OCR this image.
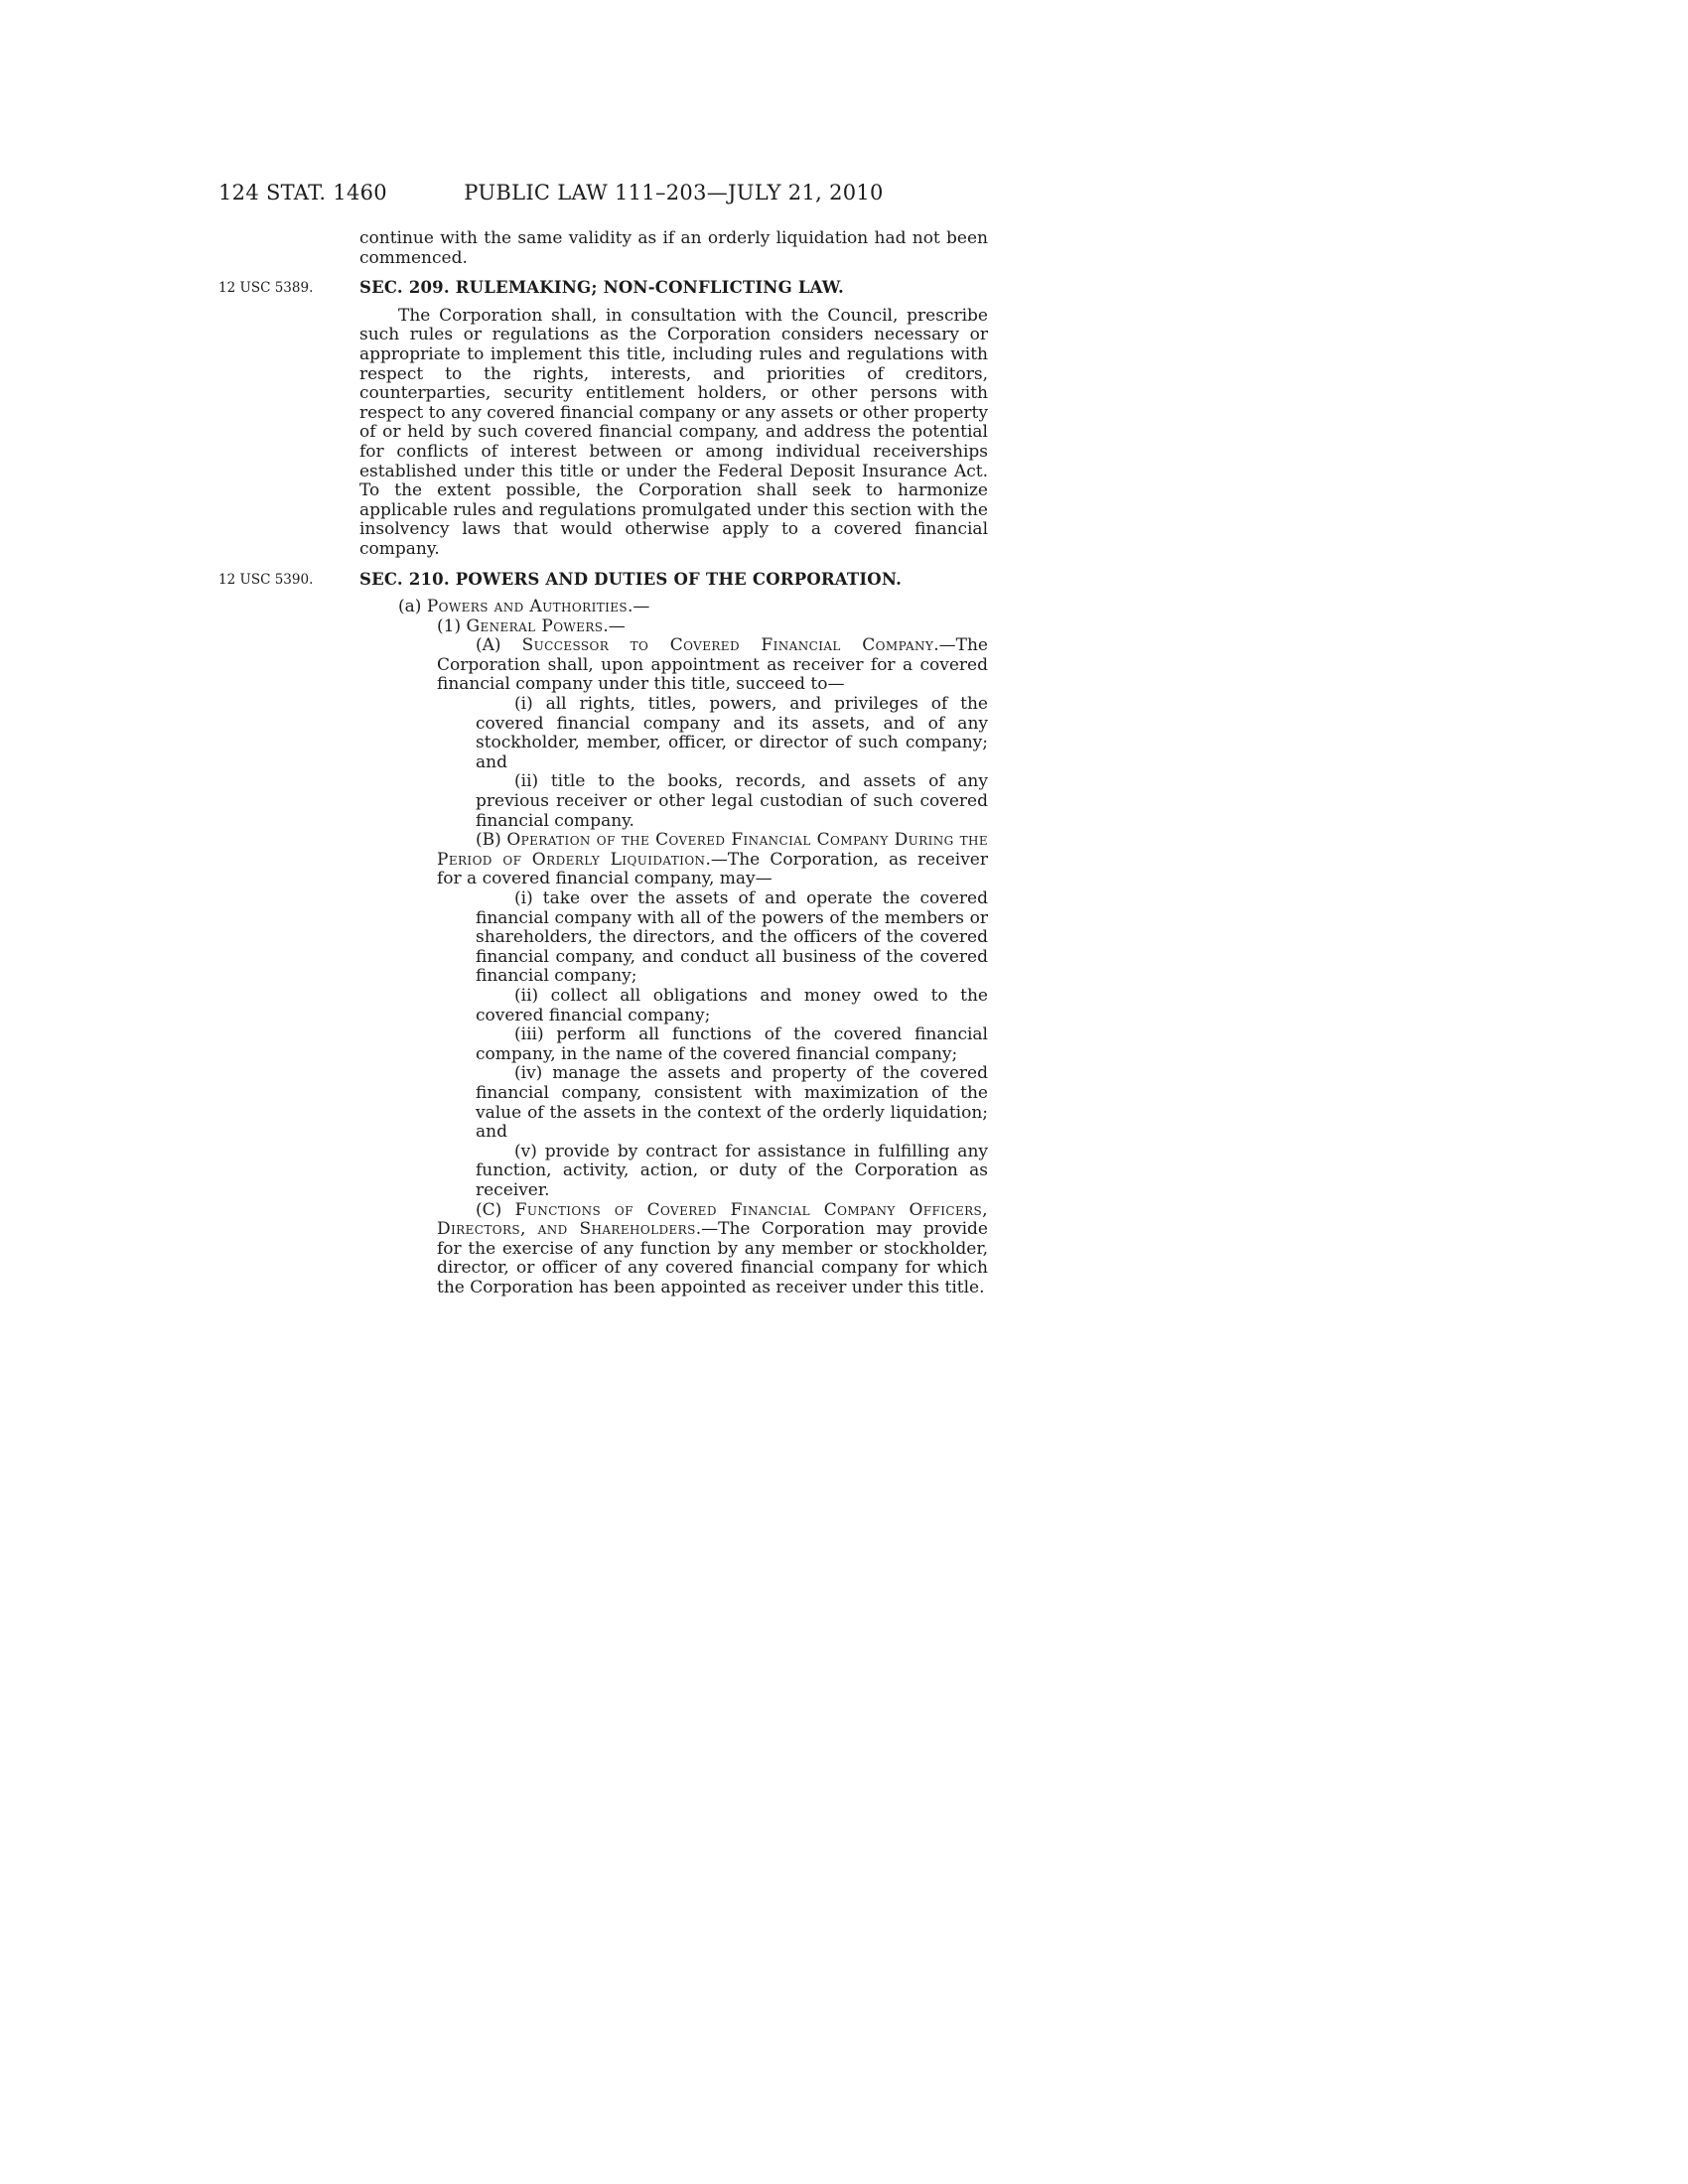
124 STAT. 1460	PUBLIC LAW 111–203—JULY 21, 2010

continue with the same validity as if an orderly liquidation had not been commenced.

12 USC 5389.	SEC. 209. RULEMAKING; NON-CONFLICTING LAW.

The Corporation shall, in consultation with the Council, prescribe such rules or regulations as the Corporation considers necessary or appropriate to implement this title, including rules and regulations with respect to the rights, interests, and priorities of creditors, counterparties, security entitlement holders, or other persons with respect to any covered financial company or any assets or other property of or held by such covered financial company, and address the potential for conflicts of interest between or among individual receiverships established under this title or under the Federal Deposit Insurance Act. To the extent possible, the Corporation shall seek to harmonize applicable rules and regulations promulgated under this section with the insolvency laws that would otherwise apply to a covered financial company.

12 USC 5390.	SEC. 210. POWERS AND DUTIES OF THE CORPORATION.

(a) Powers and Authorities.—

(1) General Powers.—

(A) Successor to Covered Financial Company.—The Corporation shall, upon appointment as receiver for a covered financial company under this title, succeed to—

(i) all rights, titles, powers, and privileges of the covered financial company and its assets, and of any stockholder, member, officer, or director of such company; and

(ii) title to the books, records, and assets of any previous receiver or other legal custodian of such covered financial company.

(B) Operation of the Covered Financial Company During the Period of Orderly Liquidation.—The Corporation, as receiver for a covered financial company, may—

(i) take over the assets of and operate the covered financial company with all of the powers of the members or shareholders, the directors, and the officers of the covered financial company, and conduct all business of the covered financial company;

(ii) collect all obligations and money owed to the covered financial company;

(iii) perform all functions of the covered financial company, in the name of the covered financial company;

(iv) manage the assets and property of the covered financial company, consistent with maximization of the value of the assets in the context of the orderly liquidation; and

(v) provide by contract for assistance in fulfilling any function, activity, action, or duty of the Corporation as receiver.

(C) Functions of Covered Financial Company Officers, Directors, and Shareholders.—The Corporation may provide for the exercise of any function by any member or stockholder, director, or officer of any covered financial company for which the Corporation has been appointed as receiver under this title.
